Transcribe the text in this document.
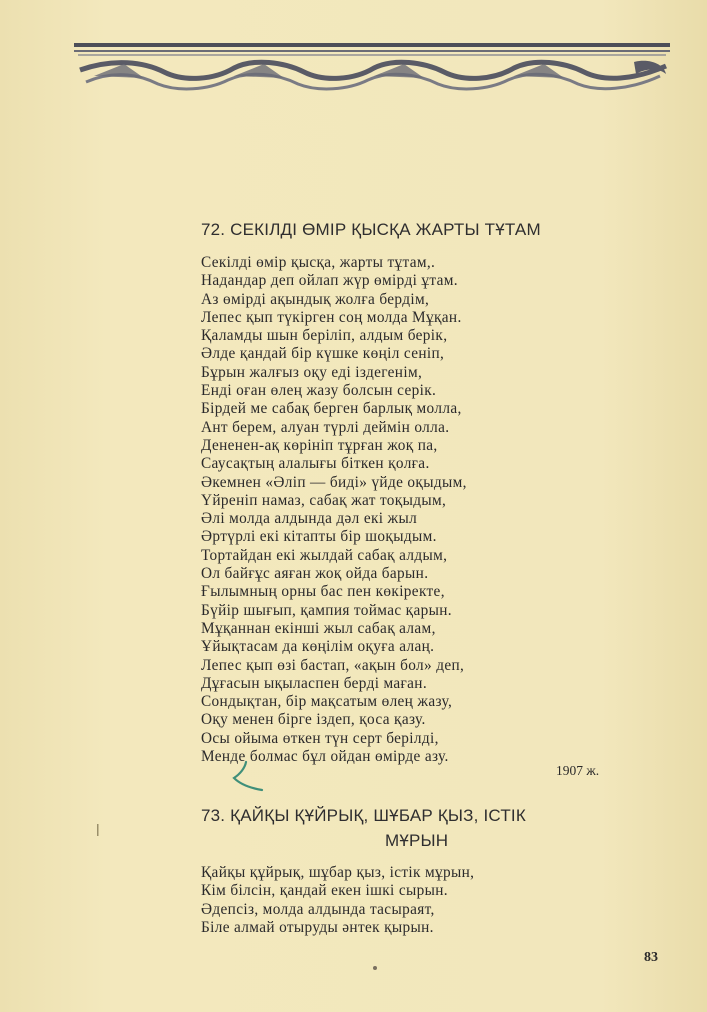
72. СЕКІЛДІ ӨМІР ҚЫСҚА ЖАРТЫ ТҰТАМ
Секілді өмір қысқа, жарты тұтам,.
Надандар деп ойлап жүр өмірді ұтам.
Аз өмірді ақындық жолға бердім,
Лепес қып түкірген соң молда Мұқан.
Қаламды шын беріліп, алдым берік,
Әлде қандай бір күшке көңіл сеніп,
Бұрын жалғыз оқу еді іздегенім,
Енді оған өлең жазу болсын серік.
Бірдей ме сабақ берген барлық молла,
Ант берем, алуан түрлі деймін олла.
Дененен-ақ көрініп тұрған жоқ па,
Саусақтың алалығы біткен қолға.
Әкемнен «Әліп — биді» үйде оқыдым,
Үйреніп намаз, сабақ жат тоқыдым,
Әлі молда алдында дәл екі жыл
Әртүрлі екі кітапты бір шоқыдым.
Тортайдан екі жылдай сабақ алдым,
Ол байғұс аяған жоқ ойда барын.
Ғылымның орны бас пен көкіректе,
Бүйір шығып, қампия тоймас қарын.
Мұқаннан екінші жыл сабақ алам,
Ұйықтасам да көңілім оқуға алаң.
Лепес қып өзі бастап, «ақын бол» деп,
Дұғасын ықыласпен берді маған.
Сондықтан, бір мақсатым өлең жазу,
Оқу менен бірге іздеп, қоса қазу.
Осы ойыма өткен түн серт берілді,
Менде болмас бұл ойдан өмірде азу.
1907 ж.
73. ҚАЙҚЫ ҚҰЙРЫҚ, ШҰБАР ҚЫЗ, ІСТІК
МҰРЫН
Қайқы құйрық, шұбар қыз, істік мұрын,
Кім білсін, қандай екен ішкі сырын.
Әдепсіз, молда алдында тасыраят,
Біле алмай отыруды әнтек қырын.
83
